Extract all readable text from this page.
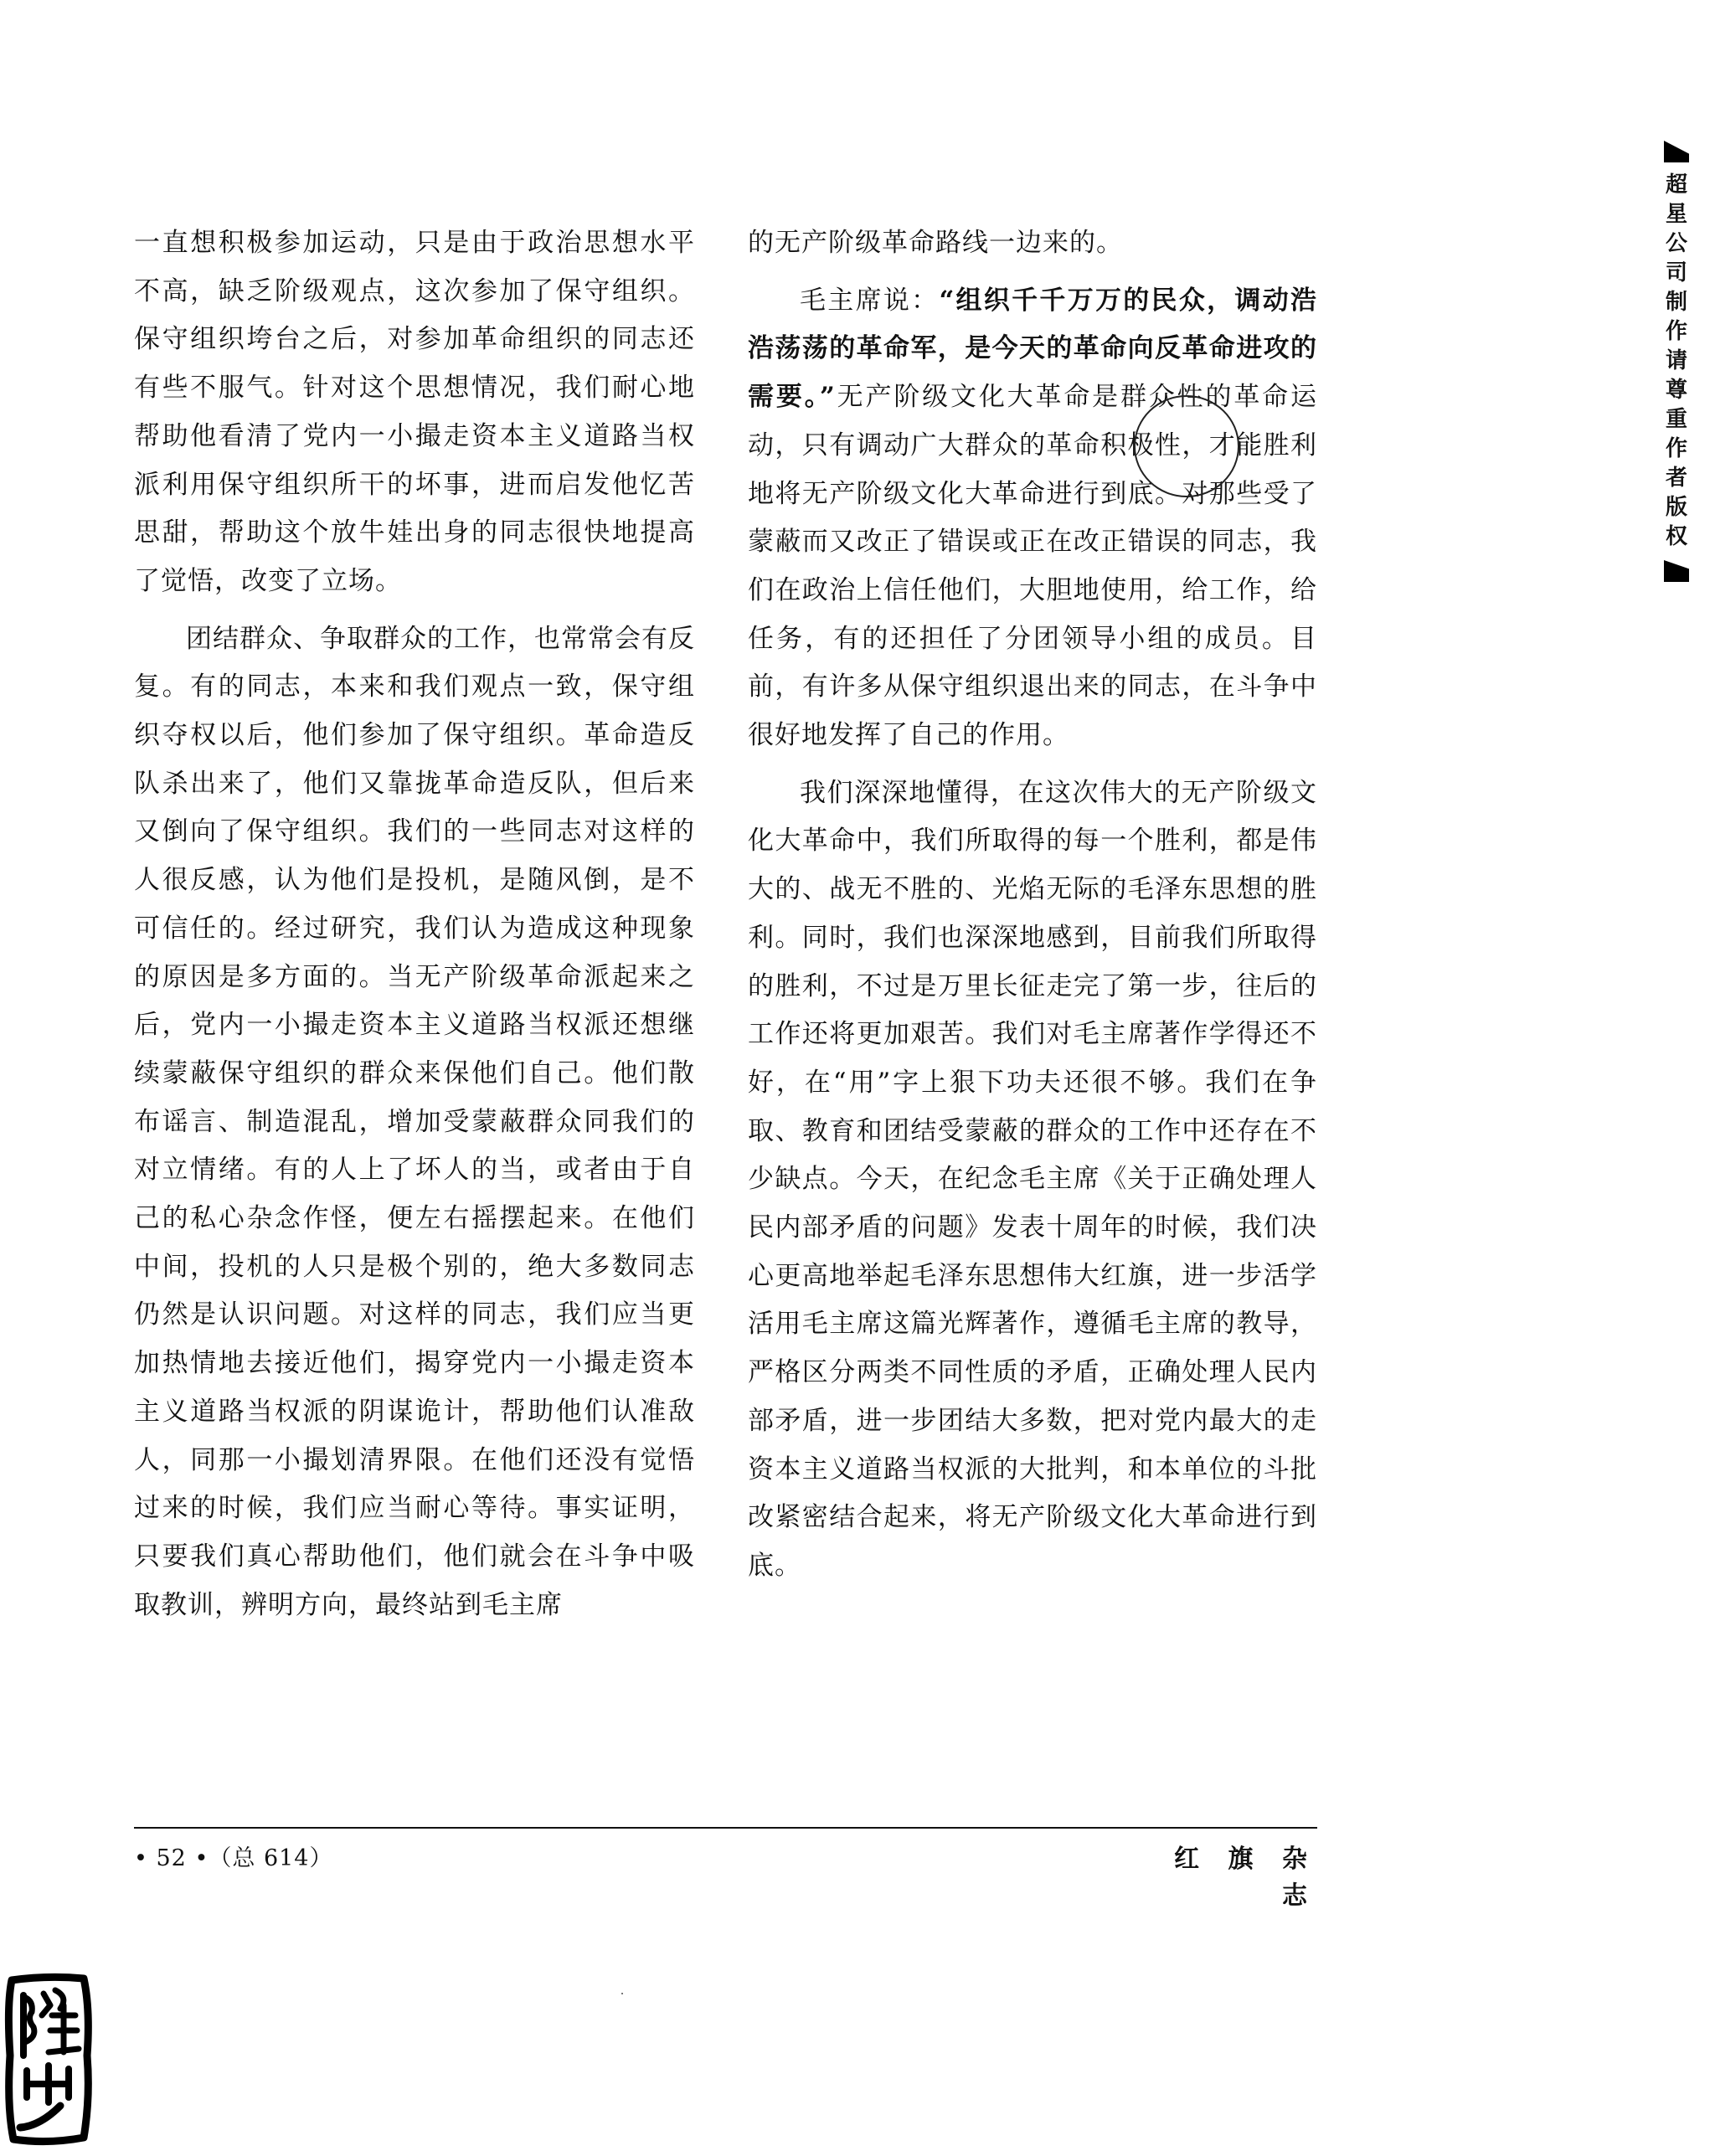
一直想积极参加运动，只是由于政治思想水平不高，缺乏阶级观点，这次参加了保守组织。保守组织垮台之后，对参加革命组织的同志还有些不服气。针对这个思想情况，我们耐心地帮助他看清了党内一小撮走资本主义道路当权派利用保守组织所干的坏事，进而启发他忆苦思甜，帮助这个放牛娃出身的同志很快地提高了觉悟，改变了立场。

团结群众、争取群众的工作，也常常会有反复。有的同志，本来和我们观点一致，保守组织夺权以后，他们参加了保守组织。革命造反队杀出来了，他们又靠拢革命造反队，但后来又倒向了保守组织。我们的一些同志对这样的人很反感，认为他们是投机，是随风倒，是不可信任的。经过研究，我们认为造成这种现象的原因是多方面的。当无产阶级革命派起来之后，党内一小撮走资本主义道路当权派还想继续蒙蔽保守组织的群众来保他们自己。他们散布谣言、制造混乱，增加受蒙蔽群众同我们的对立情绪。有的人上了坏人的当，或者由于自己的私心杂念作怪，便左右摇摆起来。在他们中间，投机的人只是极个别的，绝大多数同志仍然是认识问题。对这样的同志，我们应当更加热情地去接近他们，揭穿党内一小撮走资本主义道路当权派的阴谋诡计，帮助他们认准敌人，同那一小撮划清界限。在他们还没有觉悟过来的时候，我们应当耐心等待。事实证明，只要我们真心帮助他们，他们就会在斗争中吸取教训，辨明方向，最终站到毛主席

的无产阶级革命路线一边来的。

毛主席说：“组织千千万万的民众，调动浩浩荡荡的革命军，是今天的革命向反革命进攻的需要。”无产阶级文化大革命是群众性的革命运动，只有调动广大群众的革命积极性，才能胜利地将无产阶级文化大革命进行到底。对那些受了蒙蔽而又改正了错误或正在改正错误的同志，我们在政治上信任他们，大胆地使用，给工作，给任务，有的还担任了分团领导小组的成员。目前，有许多从保守组织退出来的同志，在斗争中很好地发挥了自己的作用。

我们深深地懂得，在这次伟大的无产阶级文化大革命中，我们所取得的每一个胜利，都是伟大的、战无不胜的、光焰无际的毛泽东思想的胜利。同时，我们也深深地感到，目前我们所取得的胜利，不过是万里长征走完了第一步，往后的工作还将更加艰苦。我们对毛主席著作学得还不好，在“用”字上狠下功夫还很不够。我们在争取、教育和团结受蒙蔽的群众的工作中还存在不少缺点。今天，在纪念毛主席《关于正确处理人民内部矛盾的问题》发表十周年的时候，我们决心更高地举起毛泽东思想伟大红旗，进一步活学活用毛主席这篇光辉著作，遵循毛主席的教导，严格区分两类不同性质的矛盾，正确处理人民内部矛盾，进一步团结大多数，把对党内最大的走资本主义道路当权派的大批判，和本单位的斗批改紧密结合起来，将无产阶级文化大革命进行到底。

• 52 •（总 614）	红 旗 杂 志
超星公司制作请尊重作者版权
